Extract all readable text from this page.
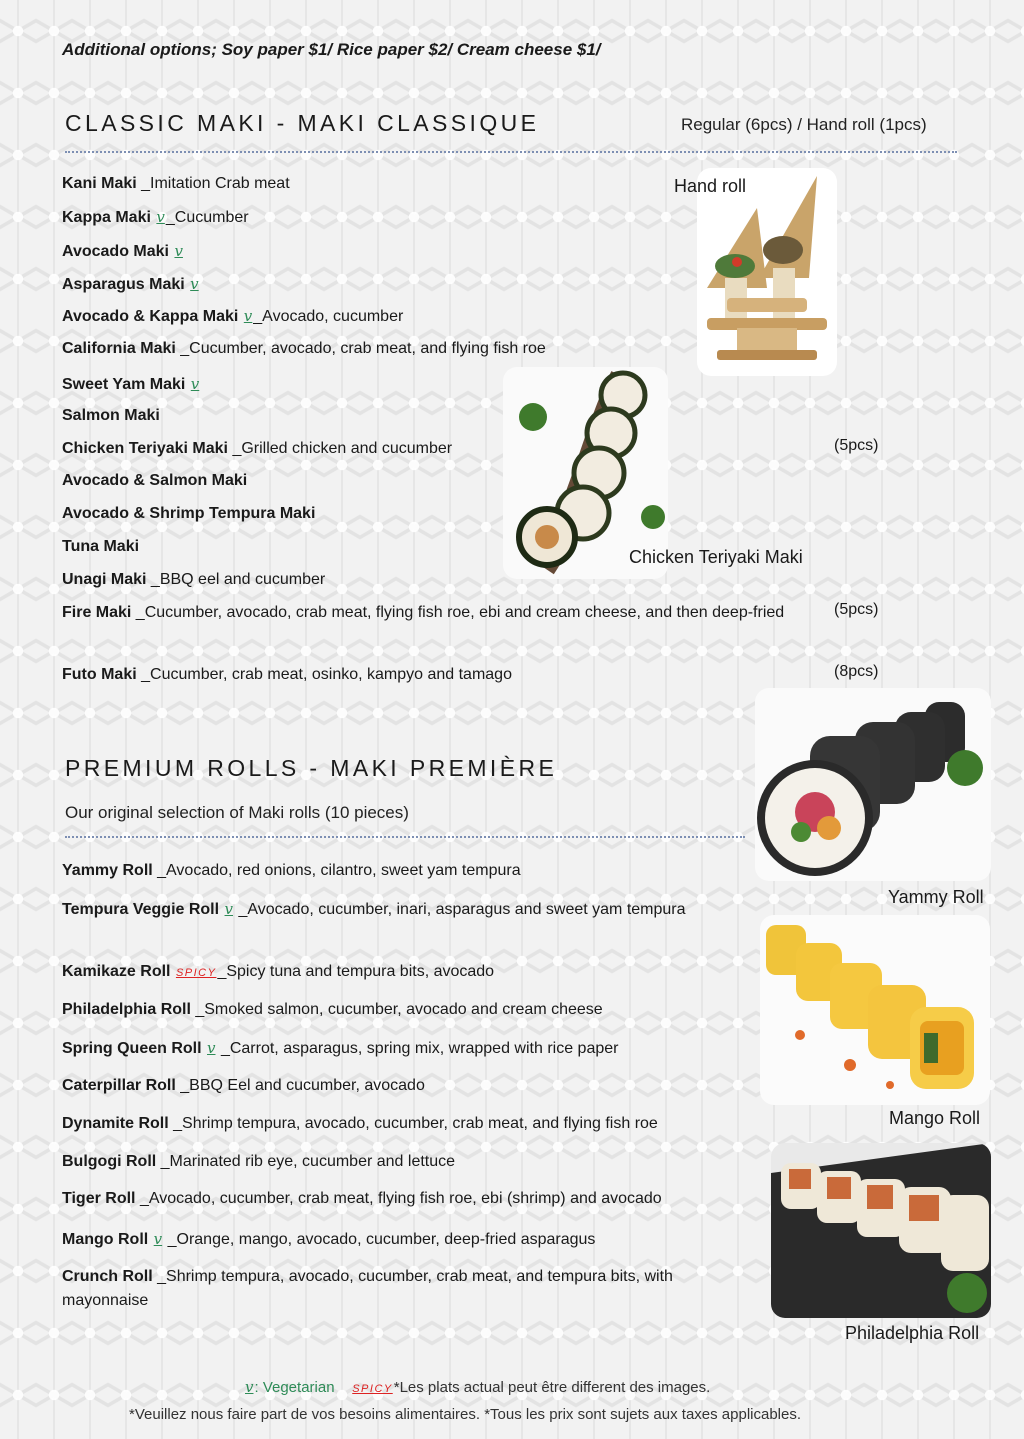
Additional options; Soy paper $1/ Rice paper $2/ Cream cheese $1/
CLASSIC MAKI - MAKI CLASSIQUE	Regular (6pcs) / Hand roll (1pcs)
Kani Maki _Imitation Crab meat
Kappa Maki v_Cucumber
Avocado Maki v
Asparagus Maki v
Avocado & Kappa Maki v_Avocado, cucumber
California Maki _Cucumber, avocado, crab meat, and flying fish roe
Sweet Yam Maki v
Salmon Maki
Chicken Teriyaki Maki _Grilled chicken and cucumber	(5pcs)
Avocado & Salmon Maki
Avocado & Shrimp Tempura Maki
Tuna Maki
Unagi Maki _BBQ eel and cucumber
Fire Maki _Cucumber, avocado, crab meat, flying fish roe, ebi and cream cheese, and then deep-fried	(5pcs)
Futo Maki _Cucumber, crab meat, osinko, kampyo and tamago	(8pcs)
Hand roll
Chicken Teriyaki Maki
PREMIUM ROLLS - MAKI PREMIÈRE
Our original selection of Maki rolls (10 pieces)
Yammy Roll _Avocado, red onions, cilantro, sweet yam tempura
Tempura Veggie Roll v _Avocado, cucumber, inari, asparagus and sweet yam tempura
Kamikaze Roll SPICY_Spicy tuna and tempura bits, avocado
Philadelphia Roll _Smoked salmon, cucumber, avocado and cream cheese
Spring Queen Roll v _Carrot, asparagus, spring mix, wrapped with rice paper
Caterpillar Roll _BBQ Eel and cucumber, avocado
Dynamite Roll _Shrimp tempura, avocado, cucumber, crab meat, and flying fish roe
Bulgogi Roll _Marinated rib eye, cucumber and lettuce
Tiger Roll _Avocado, cucumber, crab meat, flying fish roe, ebi (shrimp) and avocado
Mango Roll v _Orange, mango, avocado, cucumber, deep-fried asparagus
Crunch Roll _Shrimp tempura, avocado, cucumber, crab meat, and tempura bits, with mayonnaise
Yammy Roll
Mango Roll
Philadelphia Roll
v: Vegetarian SPICY*Les plats actual peut être different des images.
*Veuillez nous faire part de vos besoins alimentaires. *Tous les prix sont sujets aux taxes applicables.
